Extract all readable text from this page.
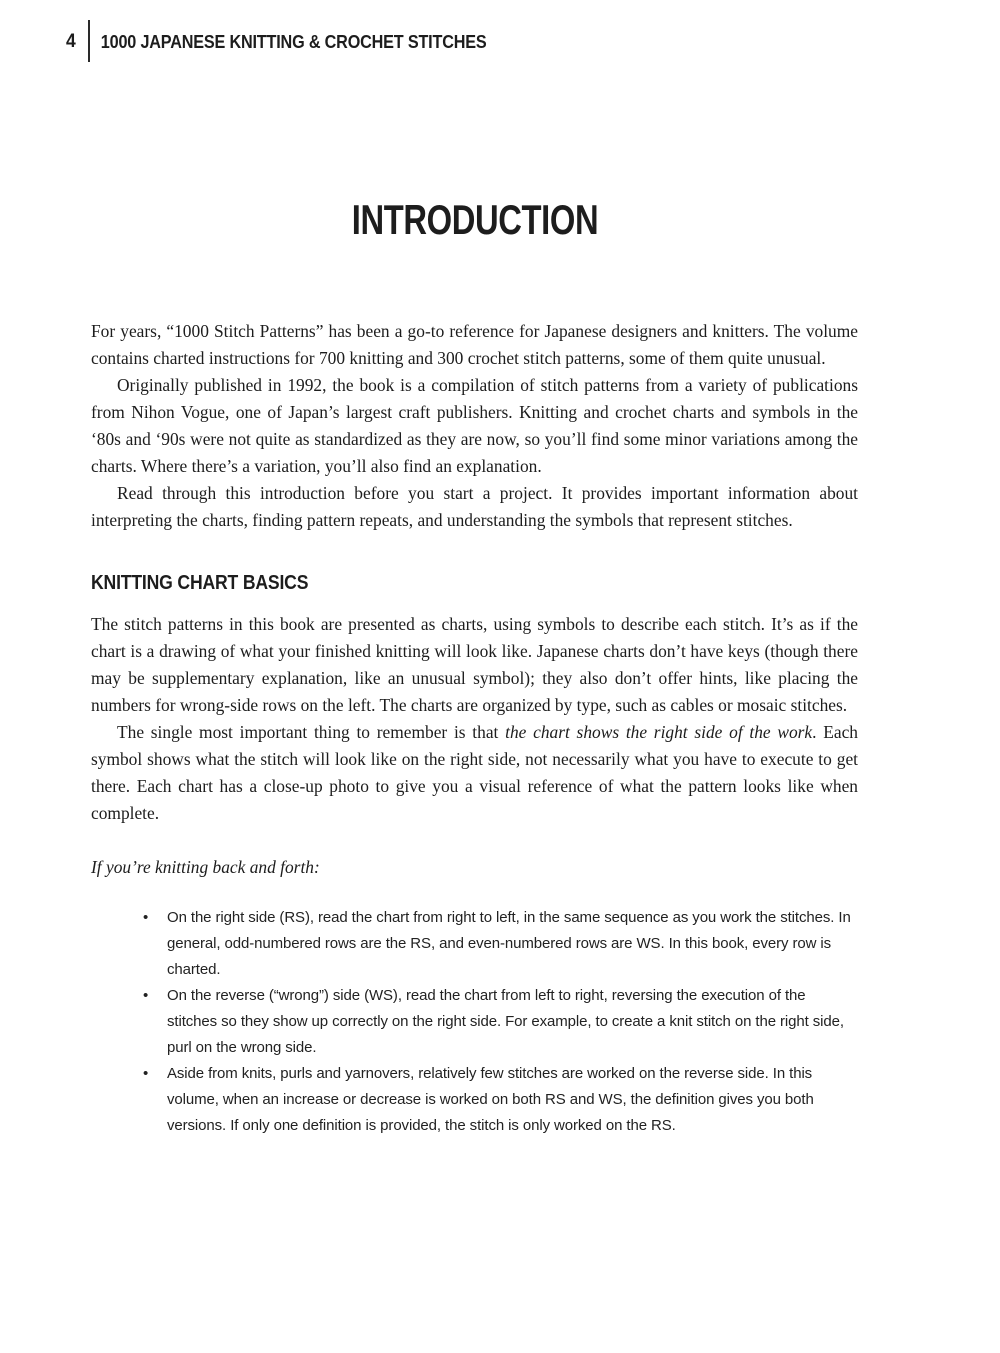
4	1000 JAPANESE KNITTING & CROCHET STITCHES
INTRODUCTION

For years, “1000 Stitch Patterns” has been a go-to reference for Japanese designers and knitters. The volume contains charted instructions for 700 knitting and 300 crochet stitch patterns, some of them quite unusual.

Originally published in 1992, the book is a compilation of stitch patterns from a variety of publications from Nihon Vogue, one of Japan’s largest craft publishers. Knitting and crochet charts and symbols in the ‘80s and ‘90s were not quite as standardized as they are now, so you’ll find some minor variations among the charts. Where there’s a variation, you’ll also find an explanation.

Read through this introduction before you start a project. It provides important information about interpreting the charts, finding pattern repeats, and understanding the symbols that represent stitches.

KNITTING CHART BASICS

The stitch patterns in this book are presented as charts, using symbols to describe each stitch. It’s as if the chart is a drawing of what your finished knitting will look like. Japanese charts don’t have keys (though there may be supplementary explanation, like an unusual symbol); they also don’t offer hints, like placing the numbers for wrong-side rows on the left. The charts are organized by type, such as cables or mosaic stitches.

The single most important thing to remember is that the chart shows the right side of the work. Each symbol shows what the stitch will look like on the right side, not necessarily what you have to execute to get there. Each chart has a close-up photo to give you a visual reference of what the pattern looks like when complete.

If you’re knitting back and forth:

• On the right side (RS), read the chart from right to left, in the same sequence as you work the stitches. In general, odd-numbered rows are the RS, and even-numbered rows are WS. In this book, every row is charted.
• On the reverse (“wrong”) side (WS), read the chart from left to right, reversing the execution of the stitches so they show up correctly on the right side. For example, to create a knit stitch on the right side, purl on the wrong side.
• Aside from knits, purls and yarnovers, relatively few stitches are worked on the reverse side. In this volume, when an increase or decrease is worked on both RS and WS, the definition gives you both versions. If only one definition is provided, the stitch is only worked on the RS.
